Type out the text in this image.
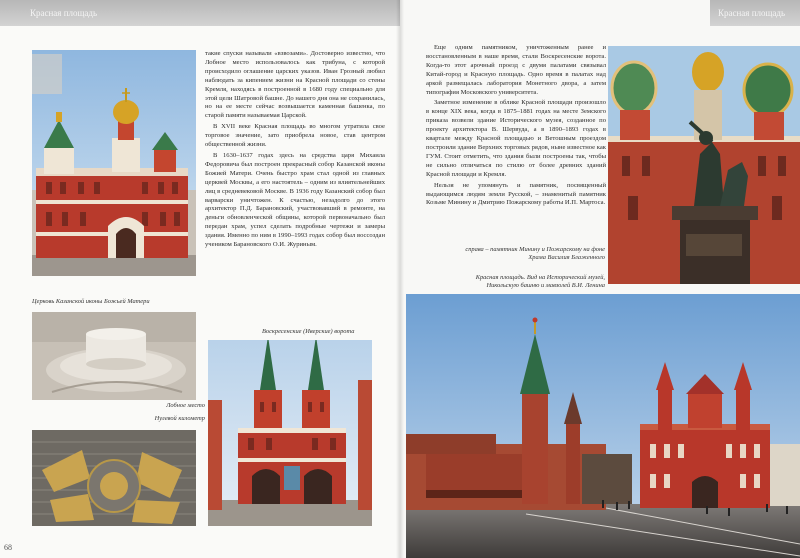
Красная площадь
Церковь Казанской иконы Божьей Матери

такие спуски называли «взвозами». Достоверно известно, что Лобное место использовалось как трибуна, с которой происходило оглашение царских указов. Иван Грозный любил наблюдать за кипением жизни на Красной площади со стены Кремля, находясь в построенной в 1680 году специально для этой цели Шатровой башне. До нашего дня она не сохранилась, но на ее месте сейчас возвышается каменная башенка, по старой памяти называемая Царской.

В XVII веке Красная площадь во многом утратила свое торговое значение, зато приобрела новое, став центром общественной жизни.

В 1630–1637 годах здесь на средства царя Михаила Федоровича был построен прекрасный собор Казанской иконы Божией Матери. Очень быстро храм стал одной из главных церквей Москвы, а его настоятель – одним из влиятельнейших лиц в средневековой Москве. В 1936 году Казанский собор был варварски уничтожен. К счастью, незадолго до этого архитектор П.Д. Барановский, участвовавший в ремонте, на деньги обновленческой общины, которой первоначально был передан храм, успел сделать подробные чертежи и замеры здания. Именно по ним в 1990–1993 годах собор был воссоздан учеником Барановского О.И. Журиным.

Лобное место
Нулевой километр
Воскресенские (Иверские) ворота
68
Красная площадь

Еще одним памятником, уничтоженным ранее и восстановленным в наше время, стали Воскресенские ворота. Когда-то этот арочный проезд с двумя палатами связывал Китай-город и Красную площадь. Одно время в палатах над аркой размещалась лаборатория Монетного двора, а затем типография Московского университета.

Заметное изменение в облике Красной площади произошло в конце XIX века, когда в 1875–1881 годах на месте Земского приказа возвели здание Исторического музея, созданное по проекту архитектора В. Шервуда, а в 1890–1893 годах в квартале между Красной площадью и Ветошным проездом построили здание Верхних торговых рядов, ныне известное как ГУМ. Стоит отметить, что здания были построены так, чтобы не сильно отличаться по стилю от более древних зданий Красной площади и Кремля.

Нельзя не упомянуть и памятник, посвященный выдающимся людям земли Русской, – знаменитый памятник Козьме Минину и Дмитрию Пожарскому работы И.П. Мартоса.

справа – памятник Минину и Пожарскому на фоне Храма Василия Блаженного
Красная площадь. Вид на Исторический музей, Никольскую башню и мавзолей В.И. Ленина
